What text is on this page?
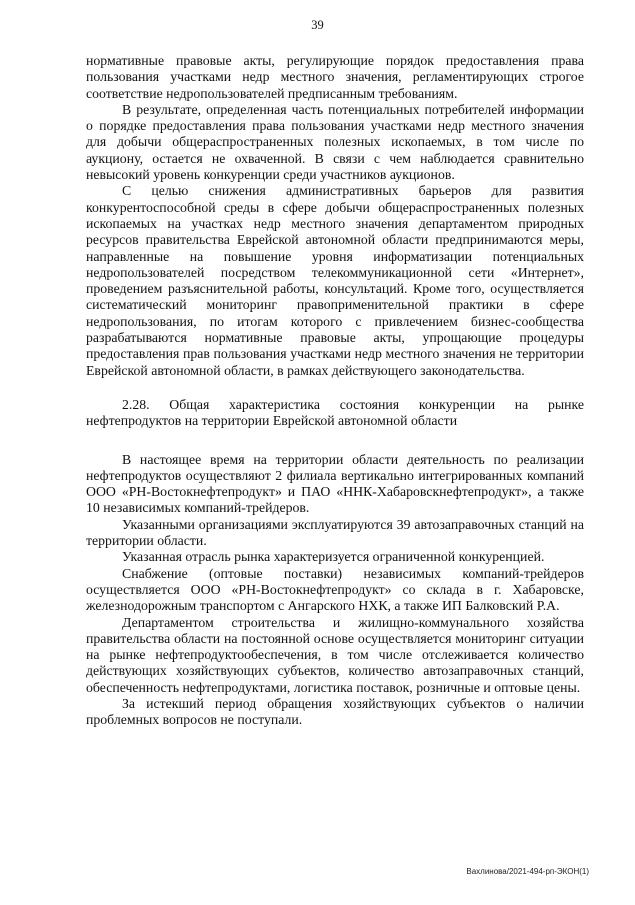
39

нормативные правовые акты, регулирующие порядок предоставления права пользования участками недр местного значения, регламентирующих строгое соответствие недропользователей предписанным требованиям.

В результате, определенная часть потенциальных потребителей информации о порядке предоставления права пользования участками недр местного значения для добычи общераспространенных полезных ископаемых, в том числе по аукциону, остается не охваченной. В связи с чем наблюдается сравнительно невысокий уровень конкуренции среди участников аукционов.

С целью снижения административных барьеров для развития конкурентоспособной среды в сфере добычи общераспространенных полезных ископаемых на участках недр местного значения департаментом природных ресурсов правительства Еврейской автономной области предпринимаются меры, направленные на повышение уровня информатизации потенциальных недропользователей посредством телекоммуникационной сети «Интернет», проведением разъяснительной работы, консультаций. Кроме того, осуществляется систематический мониторинг правоприменительной практики в сфере недропользования, по итогам которого с привлечением бизнес-сообщества разрабатываются нормативные правовые акты, упрощающие процедуры предоставления прав пользования участками недр местного значения не территории Еврейской автономной области, в рамках действующего законодательства.

2.28. Общая характеристика состояния конкуренции на рынке нефтепродуктов на территории Еврейской автономной области

В настоящее время на территории области деятельность по реализации нефтепродуктов осуществляют 2 филиала вертикально интегрированных компаний ООО «РН-Востокнефтепродукт» и ПАО «ННК-Хабаровскнефтепродукт», а также 10 независимых компаний-трейдеров.

Указанными организациями эксплуатируются 39 автозаправочных станций на территории области.

Указанная отрасль рынка характеризуется ограниченной конкуренцией.

Снабжение (оптовые поставки) независимых компаний-трейдеров осуществляется ООО «РН-Востокнефтепродукт» со склада в г. Хабаровске, железнодорожным транспортом с Ангарского НХК, а также ИП Балковский Р.А.

Департаментом строительства и жилищно-коммунального хозяйства правительства области на постоянной основе осуществляется мониторинг ситуации на рынке нефтепродуктообеспечения, в том числе отслеживается количество действующих хозяйствующих субъектов, количество автозаправочных станций, обеспеченность нефтепродуктами, логистика поставок, розничные и оптовые цены.

За истекший период обращения хозяйствующих субъектов о наличии проблемных вопросов не поступали.

Вахлинова/2021-494-рп-ЭКОН(1)
